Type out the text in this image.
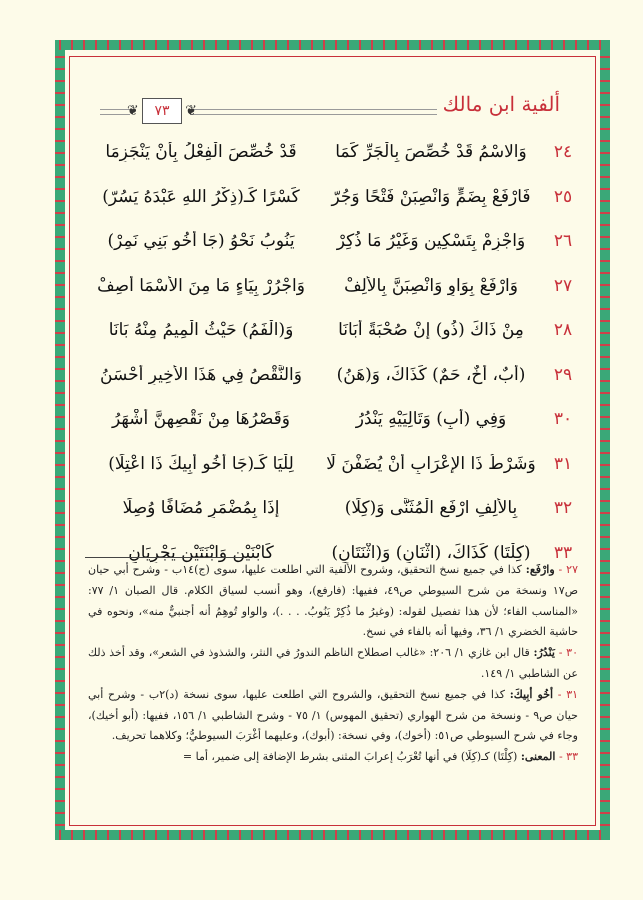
❦ ٧٣ ❦	ألفية ابن مالك
٢٤
وَالاسْمُ قَدْ خُصِّصَ بِالْجَرِّ كَمَا
قَدْ خُصِّصَ الْفِعْلُ بِأَنْ يَنْجَزِمَا
٢٥
فَارْفَعْ بِضَمٍّ وَانْصِبَنْ فَتْحًا وَجُرّ
كَسْرًا كَـ(ذِكْرُ اللهِ عَبْدَهُ يَسُرّ)
٢٦
وَاجْزِمْ بِتَسْكِينٍ وَغَيْرُ مَا ذُكِرْ
يَنُوبُ نَحْوُ (جَا أَخُو بَنِي نَمِرْ)
٢٧
وَارْفَعْ بِوَاوٍ وَانْصِبَنَّ بِالأَلِفْ
وَاجْرُرْ بِيَاءٍ مَا مِنَ الأَسْمَا أَصِفْ
٢٨
مِنْ ذَاكَ (ذُو) إِنْ صُحْبَةً أَبَانَا
وَ(الْفَمُ) حَيْثُ الْمِيمُ مِنْهُ بَانَا
٢٩
(أَبٌ، أَخٌ، حَمٌ) كَذَاكَ، وَ(هَنُ)
وَالنَّقْصُ فِي هَذَا الأَخِيرِ أَحْسَنُ
٣٠
وَفِي (أَبٍ) وَتَالِيَيْهِ يَنْدُرُ
وَقَصْرُهَا مِنْ نَقْصِهِنَّ أَشْهَرُ
٣١
وَشَرْطُ ذَا الإِعْرَابِ أَنْ يُضَفْنَ لَا
لِلْيَا كَـ(جَا أَخُو أَبِيكَ ذَا اعْتِلَا)
٣٢
بِالأَلِفِ ارْفَعِ الْمُثَنَّى وَ(كِلَا)
إِذَا بِمُضْمَرٍ مُضَافًا وُصِلَا
٣٣
(كِلْتَا) كَذَاكَ، (اثْنَانِ) وَ(اثْنَتَانِ)
كَابْنَيْنِ وَابْنَتَيْنِ يَجْرِيَانِ

٢٧ - وارْفَع: كذا في جميع نسخ التحقيق، وشروح الألفية التي اطلعت عليها، سوى (ج)١٤ب - وشرح أبي حيان ص١٧ ونسخة من شرح السيوطي ص٤٩، ففيها: (فارفع)، وهو أنسب لسياق الكلام. قال الصبان ١/ ٧٧: «المناسب الفاء؛ لأن هذا تفصيل لقوله: (وغيرُ ما ذُكِرْ يَنُوبُ. . . .)، والواو تُوهِمُ أنه أجنبيٌّ منه»، ونحوه في حاشية الخضري ١/ ٣٦، وفيها أنه بالفاء في نسخ.

٣٠ - يَنْدُرُ: قال ابن غازي ١/ ٢٠٦: «غالب اصطلاح الناظم الندورُ في النثر، والشذوذ في الشعر»، وقد أخذ ذلك عن الشاطبي ١/ ١٤٩.

٣١ - أخُو أبِيكَ: كذا في جميع نسخ التحقيق، والشروح التي اطلعت عليها، سوى نسخة (د)٢ب - وشرح أبي حيان ص٩ - ونسخة من شرح الهواري (تحقيق المهوس) ١/ ٧٥ - وشرح الشاطبي ١/ ١٥٦، ففيها: (أبو أخيك)، وجاء في شرح السيوطي ص٥١: (أخوك)، وفي نسخة: (أبوك)، وعليهما أغْرَبَ السيوطيُّ؛ وكلاهما تحريف.

٣٣ - المعنى: (كِلْتَا) كـ(كِلَا) في أنها تُعْرَبُ إعرابَ المثنى بشرط الإضافة إلى ضمير، أما =
